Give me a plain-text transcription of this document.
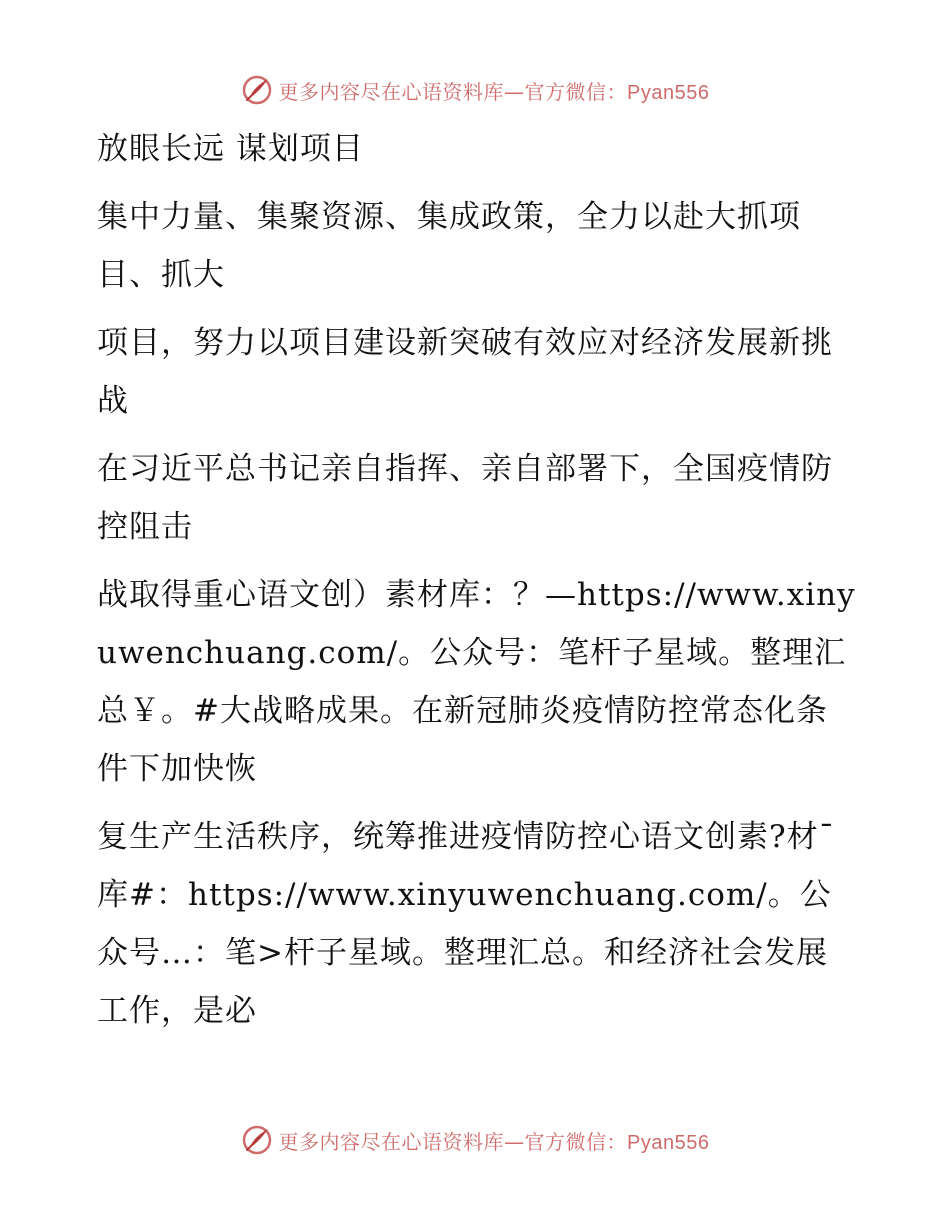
更多内容尽在心语资料库—官方微信：Pyan556

放眼长远 谋划项目

集中力量、集聚资源、集成政策，全力以赴大抓项目、抓大

项目，努力以项目建设新突破有效应对经济发展新挑战

在习近平总书记亲自指挥、亲自部署下，全国疫情防控阻击

战取得重心语文创）素材库：？—https://www.xinyuwenchuang.com/。公众号：笔杆子星域。整理汇总￥。#大战略成果。在新冠肺炎疫情防控常态化条件下加快恢

复生产生活秩序，统筹推进疫情防控心语文创素?材¯库#：https://www.xinyuwenchuang.com/。公众号…：笔>杆子星域。整理汇总。和经济社会发展工作，是必

更多内容尽在心语资料库—官方微信：Pyan556
